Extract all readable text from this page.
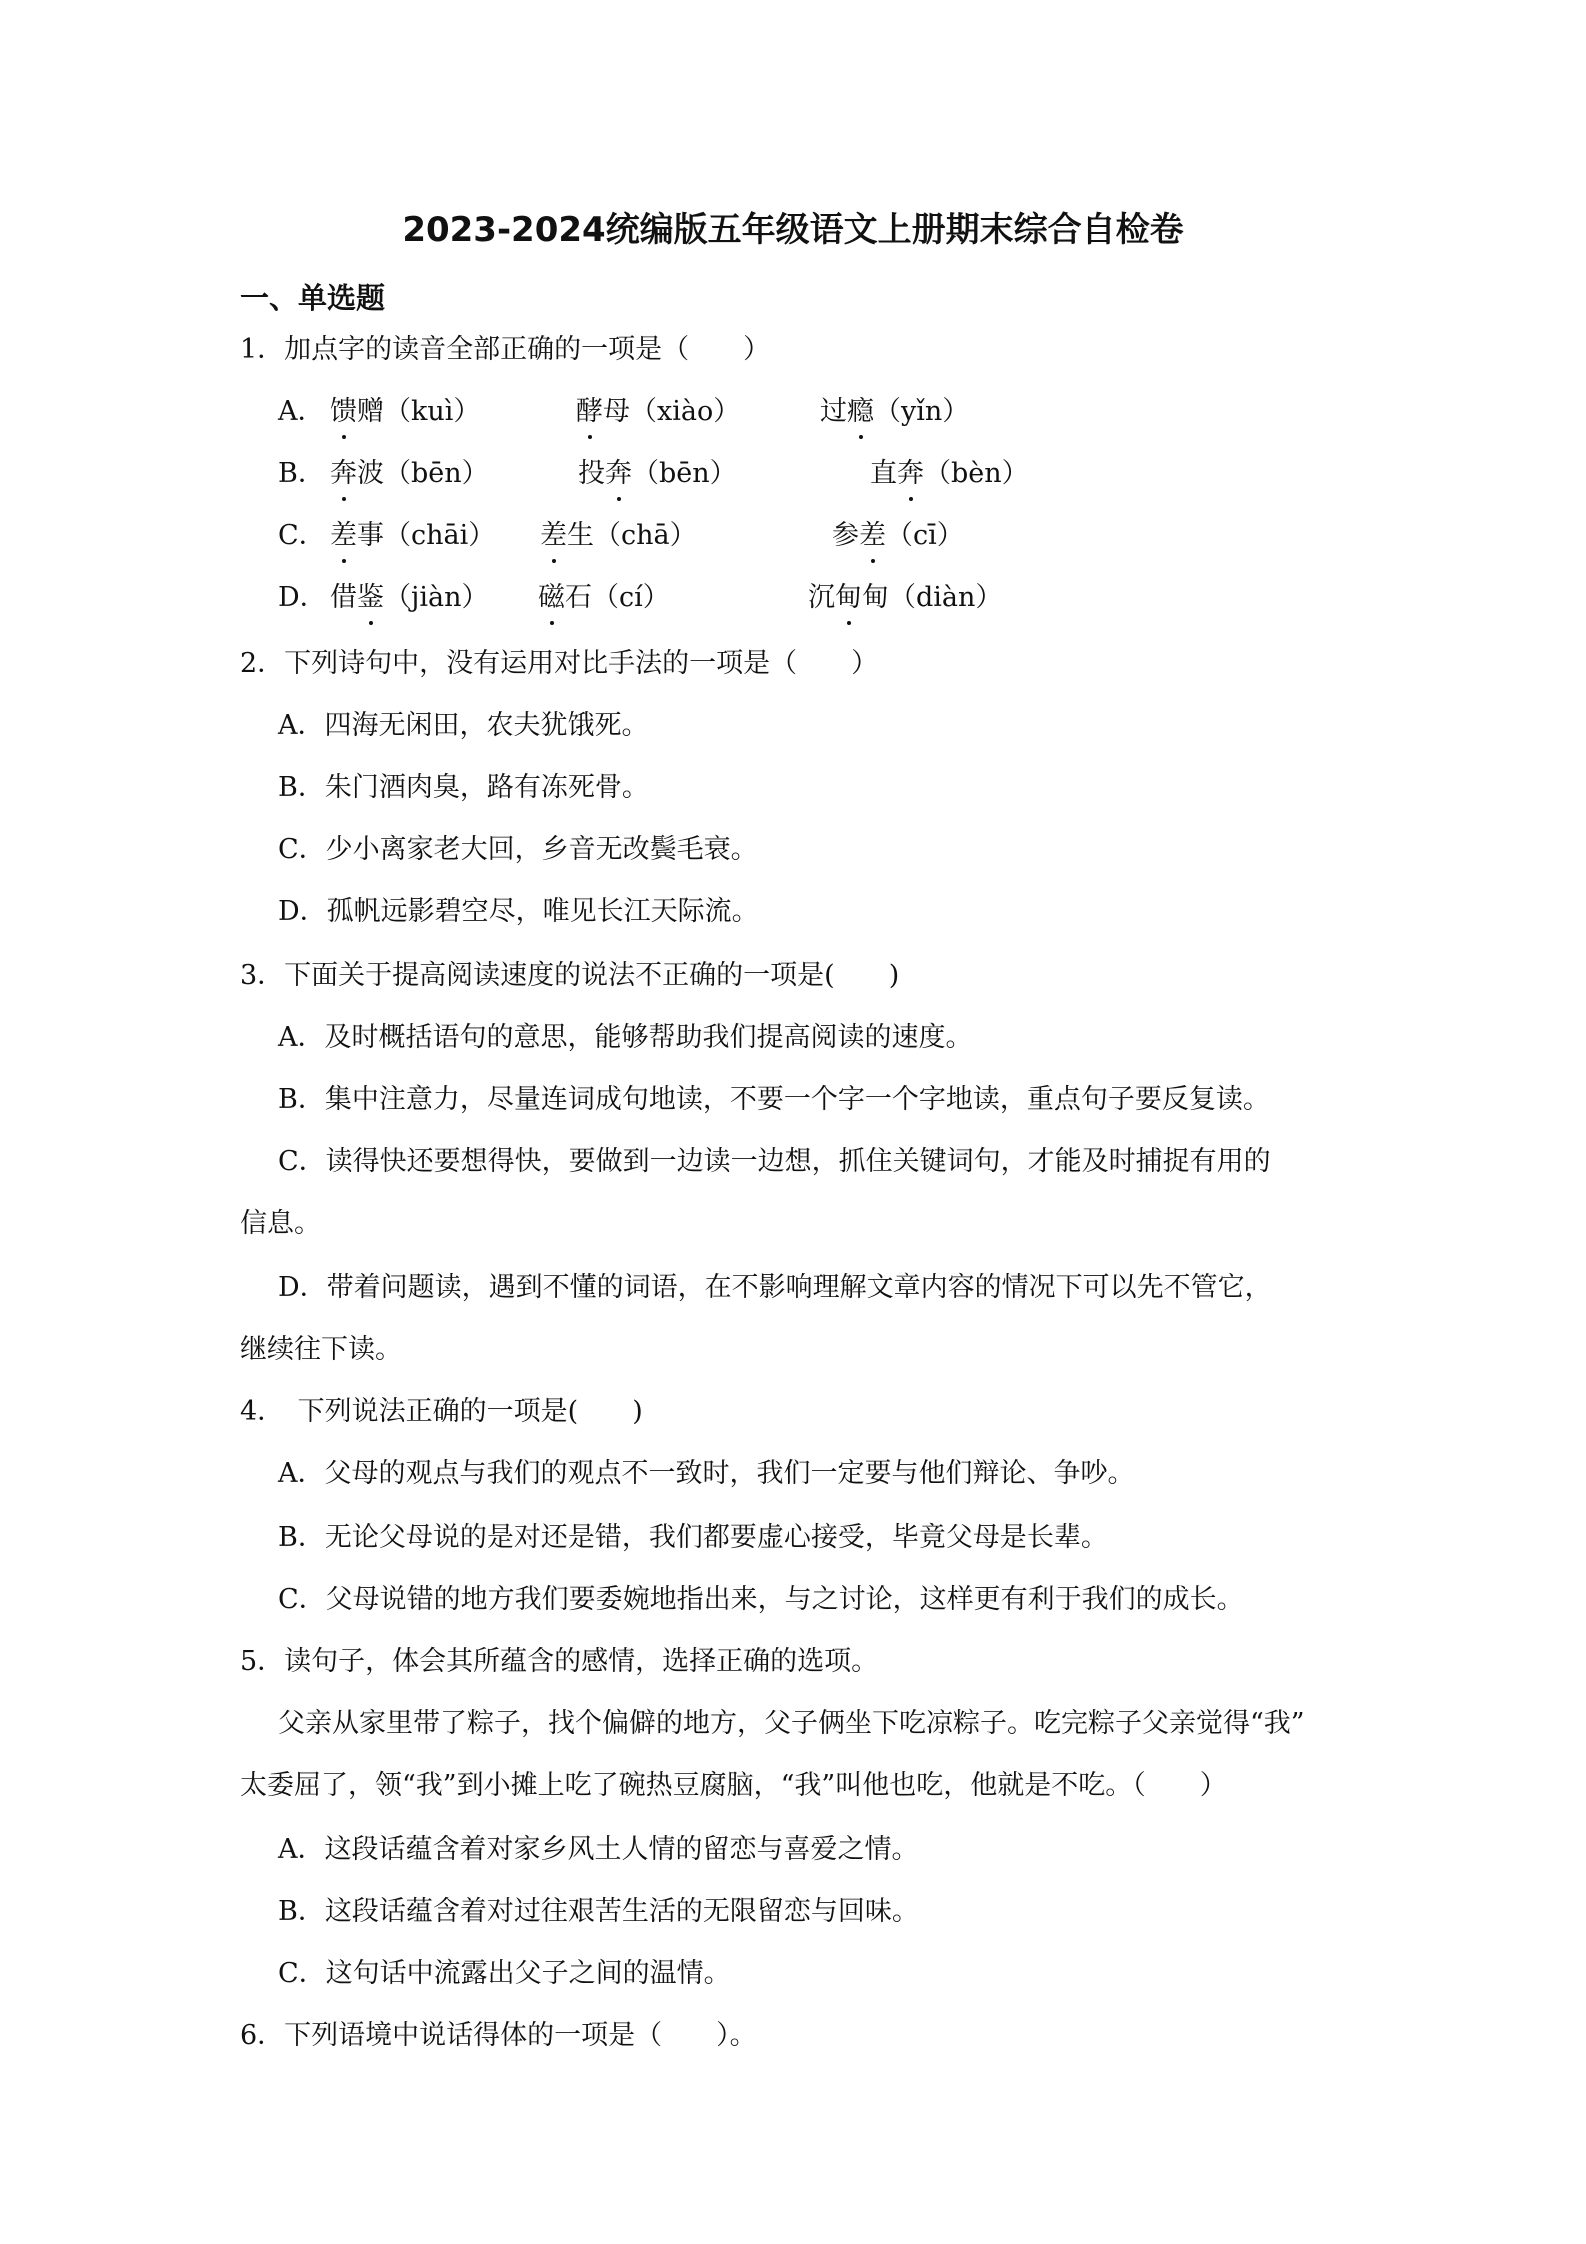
2023-2024统编版五年级语文上册期末综合自检卷
一、单选题
1．加点字的读音全部正确的一项是（　　）
A． 馈赠（kuì）	酵母（xiào）	过瘾（yǐn）
B． 奔波（bēn）	投奔（bēn）	直奔（bèn）
C． 差事（chāi） 差生（chā）	参差（cī）
D． 借鉴（jiàn） 磁石（cí）	沉甸甸（diàn）
2．下列诗句中，没有运用对比手法的一项是（　　）
A．四海无闲田，农夫犹饿死。
B．朱门酒肉臭，路有冻死骨。
C．少小离家老大回，乡音无改鬓毛衰。
D．孤帆远影碧空尽，唯见长江天际流。
3．下面关于提高阅读速度的说法不正确的一项是(　　)
A．及时概括语句的意思，能够帮助我们提高阅读的速度。
B．集中注意力，尽量连词成句地读，不要一个字一个字地读，重点句子要反复读。
C．读得快还要想得快，要做到一边读一边想，抓住关键词句，才能及时捕捉有用的
信息。
D．带着问题读，遇到不懂的词语，在不影响理解文章内容的情况下可以先不管它，
继续往下读。
4．　下列说法正确的一项是(　　)
A．父母的观点与我们的观点不一致时，我们一定要与他们辩论、争吵。
B．无论父母说的是对还是错，我们都要虚心接受，毕竟父母是长辈。
C．父母说错的地方我们要委婉地指出来，与之讨论，这样更有利于我们的成长。
5．读句子，体会其所蕴含的感情，选择正确的选项。
父亲从家里带了粽子，找个偏僻的地方，父子俩坐下吃凉粽子。吃完粽子父亲觉得“我”
太委屈了，领“我”到小摊上吃了碗热豆腐脑，“我”叫他也吃，他就是不吃。（　　）
A．这段话蕴含着对家乡风土人情的留恋与喜爱之情。
B．这段话蕴含着对过往艰苦生活的无限留恋与回味。
C．这句话中流露出父子之间的温情。
6．下列语境中说话得体的一项是（　　）。
